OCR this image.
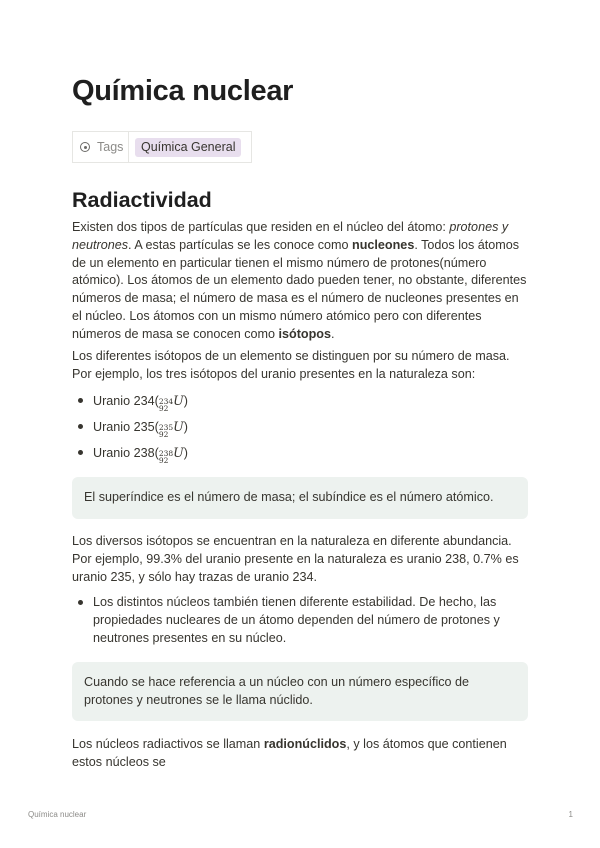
Química nuclear
Tags	Química General
Radiactividad

Existen dos tipos de partículas que residen en el núcleo del átomo: protones y neutrones. A estas partículas se les conoce como nucleones. Todos los átomos de un elemento en particular tienen el mismo número de protones(número atómico). Los átomos de un elemento dado pueden tener, no obstante, diferentes números de masa; el número de masa es el número de nucleones presentes en el núcleo. Los átomos con un mismo número atómico pero con diferentes números de masa se conocen como isótopos.

Los diferentes isótopos de un elemento se distinguen por su número de masa. Por ejemplo, los tres isótopos del uranio presentes en la naturaleza son:

Uranio 234( 234
92
U)
Uranio 235( 235
92
U)
Uranio 238( 238
92
U)
El superíndice es el número de masa; el subíndice es el número atómico.

Los diversos isótopos se encuentran en la naturaleza en diferente abundancia. Por ejemplo, 99.3% del uranio presente en la naturaleza es uranio 238, 0.7% es uranio 235, y sólo hay trazas de uranio 234.

Los distintos núcleos también tienen diferente estabilidad. De hecho, las propiedades nucleares de un átomo dependen del número de protones y neutrones presentes en su núcleo.
Cuando se hace referencia a un núcleo con un número específico de protones y neutrones se le llama núclido.

Los núcleos radiactivos se llaman radionúclidos, y los átomos que contienen estos núcleos se

Química nuclear	1
